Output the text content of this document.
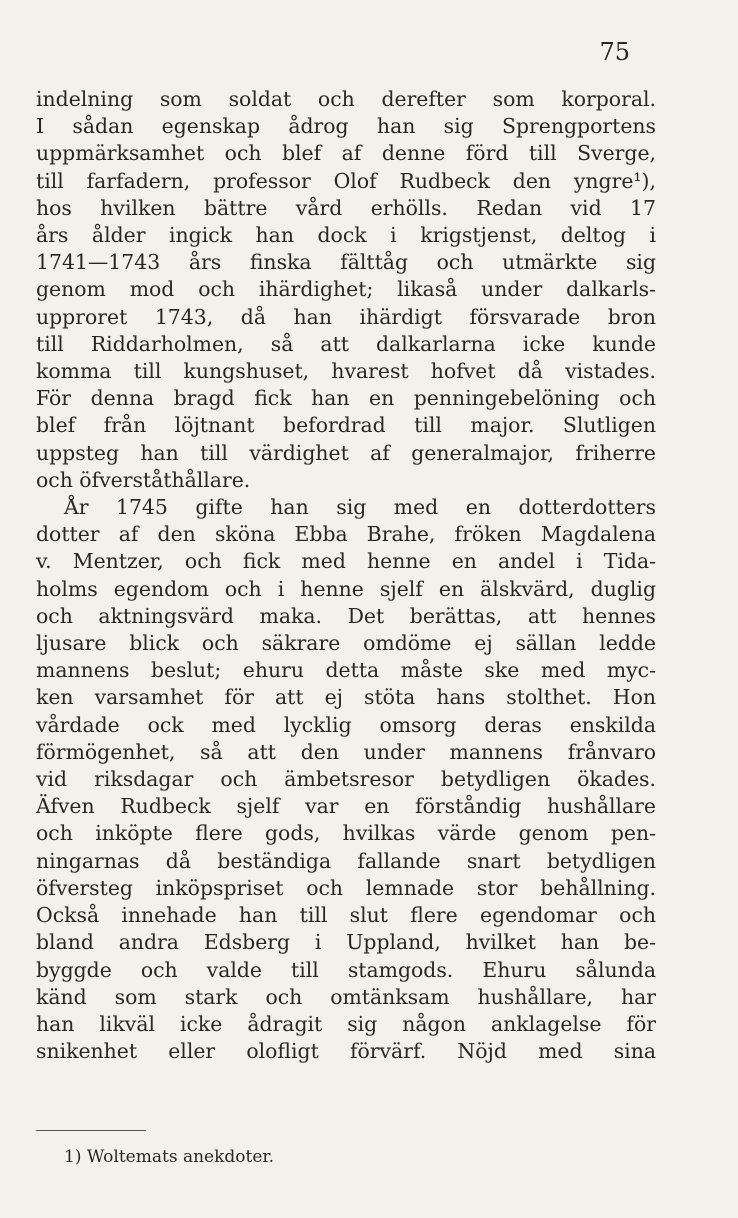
75
indelning som soldat och derefter som korporal.
I sådan egenskap ådrog han sig Sprengportens
uppmärksamhet och blef af denne förd till Sverge,
till farfadern, professor Olof Rudbeck den yngre¹),
hos hvilken bättre vård erhölls. Redan vid 17
års ålder ingick han dock i krigstjenst, deltog i
1741—1743 års finska fälttåg och utmärkte sig
genom mod och ihärdighet; likaså under dalkarls-
upproret 1743, då han ihärdigt försvarade bron
till Riddarholmen, så att dalkarlarna icke kunde
komma till kungshuset, hvarest hofvet då vistades.
För denna bragd fick han en penningebelöning och
blef från löjtnant befordrad till major. Slutligen
uppsteg han till värdighet af generalmajor, friherre
och öfverståthållare.
År 1745 gifte han sig med en dotterdotters
dotter af den sköna Ebba Brahe, fröken Magdalena
v. Mentzer, och fick med henne en andel i Tida-
holms egendom och i henne sjelf en älskvärd, duglig
och aktningsvärd maka. Det berättas, att hennes
ljusare blick och säkrare omdöme ej sällan ledde
mannens beslut; ehuru detta måste ske med myc-
ken varsamhet för att ej stöta hans stolthet. Hon
vårdade ock med lycklig omsorg deras enskilda
förmögenhet, så att den under mannens frånvaro
vid riksdagar och ämbetsresor betydligen ökades.
Äfven Rudbeck sjelf var en förståndig hushållare
och inköpte flere gods, hvilkas värde genom pen-
ningarnas då beständiga fallande snart betydligen
öfversteg inköpspriset och lemnade stor behållning.
Också innehade han till slut flere egendomar och
bland andra Edsberg i Uppland, hvilket han be-
byggde och valde till stamgods. Ehuru sålunda
känd som stark och omtänksam hushållare, har
han likväl icke ådragit sig någon anklagelse för
snikenhet eller olofligt förvärf. Nöjd med sina
1) Woltemats anekdoter.
